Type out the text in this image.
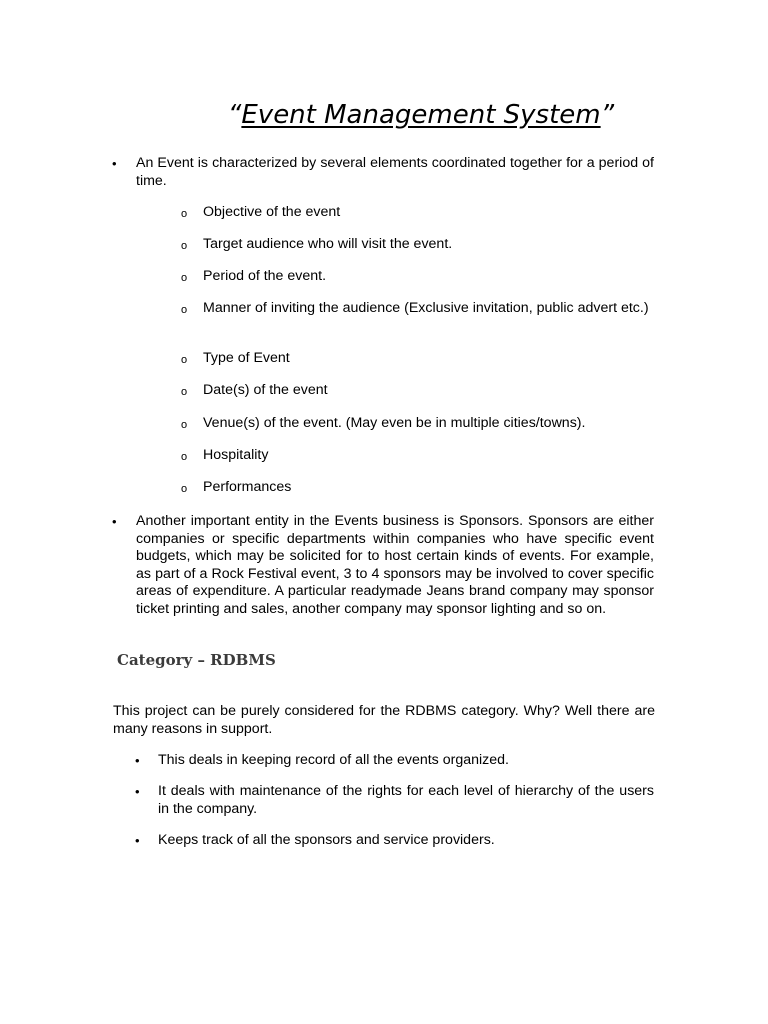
“Event Management System”
•	An Event is characterized by several elements coordinated together for a period of time.
o	Objective of the event
o	Target audience who will visit the event.
o	Period of the event.
o	Manner of inviting the audience (Exclusive invitation, public advert etc.)
o	Type of Event
o	Date(s) of the event
o	Venue(s) of the event. (May even be in multiple cities/towns).
o	Hospitality
o	Performances
•	Another important entity in the Events business is Sponsors. Sponsors are either companies or specific departments within companies who have specific event budgets, which may be solicited for to host certain kinds of events. For example, as part of a Rock Festival event, 3 to 4 sponsors may be involved to cover specific areas of expenditure. A particular readymade Jeans brand company may sponsor ticket printing and sales, another company may sponsor lighting and so on.
Category – RDBMS
This project can be purely considered for the RDBMS category. Why? Well there are many reasons in support.
•	This deals in keeping record of all the events organized.
•	It deals with maintenance of the rights for each level of hierarchy of the users in the company.
•	Keeps track of all the sponsors and service providers.
